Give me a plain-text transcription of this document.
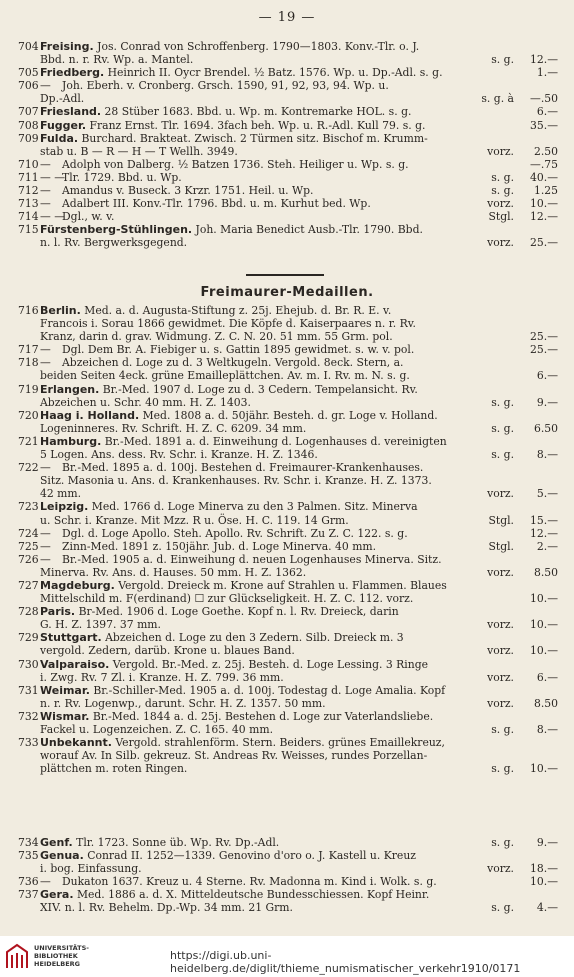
— 19 —
704Freising. Jos. Conrad von Schroffenberg. 1790—1803. Konv.-Tlr. o. J.
Bbd. n. r. Rv. Wp. a. Mantel.	s. g. 12.—
705Friedberg. Heinrich II. Oycr Brendel. ½ Batz. 1576. Wp. u. Dp.-Adl. s. g.	1.—
706— Joh. Eberh. v. Cronberg. Grsch. 1590, 91, 92, 93, 94. Wp. u.
Dp.-Adl.	s. g. à —.50
707Friesland. 28 Stüber 1683. Bbd. u. Wp. m. Kontremarke HOL. s. g.	6.—
708Fugger. Franz Ernst. Tlr. 1694. 3fach beh. Wp. u. R.-Adl. Kull 79. s. g.	35.—
709Fulda. Burchard. Brakteat. Zwisch. 2 Türmen sitz. Bischof m. Krumm-
stab u. B — R — H — T Wellh. 3949.	vorz. 2.50
710— Adolph von Dalberg. ½ Batzen 1736. Steh. Heiliger u. Wp. s. g.	—.75
711— —Tlr. 1729. Bbd. u. Wp.	s. g. 40.—
712— Amandus v. Buseck. 3 Krzr. 1751. Heil. u. Wp.	s. g. 1.25
713— Adalbert III. Konv.-Tlr. 1796. Bbd. u. m. Kurhut bed. Wp.	vorz. 10.—
714— —Dgl., w. v.	Stgl. 12.—
715Fürstenberg-Stühlingen. Joh. Maria Benedict Ausb.-Tlr. 1790. Bbd.
n. l. Rv. Bergwerksgegend.	vorz. 25.—
Freimaurer-Medaillen.
716Berlin. Med. a. d. Augusta-Stiftung z. 25j. Ehejub. d. Br. R. E. v.
Francois i. Sorau 1866 gewidmet. Die Köpfe d. Kaiserpaares n. r. Rv.
Kranz, darin d. grav. Widmung. Z. C. N. 20. 51 mm. 55 Grm. pol.	25.—
717— Dgl. Dem Br. A. Fiebiger u. s. Gattin 1895 gewidmet. s. w. v. pol.	25.—
718— Abzeichen d. Loge zu d. 3 Weltkugeln. Vergold. 8eck. Stern, a.
beiden Seiten 4eck. grüne Emailleplättchen. Av. m. I. Rv. m. N. s. g.	6.—
719Erlangen. Br.-Med. 1907 d. Loge zu d. 3 Cedern. Tempelansicht. Rv.
Abzeichen u. Schr. 40 mm. H. Z. 1403.	s. g. 9.—
720Haag i. Holland. Med. 1808 a. d. 50jähr. Besteh. d. gr. Loge v. Holland.
Logeninneres. Rv. Schrift. H. Z. C. 6209. 34 mm.	s. g. 6.50
721Hamburg. Br.-Med. 1891 a. d. Einweihung d. Logenhauses d. vereinigten
5 Logen. Ans. dess. Rv. Schr. i. Kranze. H. Z. 1346.	s. g. 8.—
722— Br.-Med. 1895 a. d. 100j. Bestehen d. Freimaurer-Krankenhauses.
Sitz. Masonia u. Ans. d. Krankenhauses. Rv. Schr. i. Kranze. H. Z. 1373.
42 mm.	vorz. 5.—
723Leipzig. Med. 1766 d. Loge Minerva zu den 3 Palmen. Sitz. Minerva
u. Schr. i. Kranze. Mit Mzz. R u. Öse. H. C. 119. 14 Grm.	Stgl. 15.—
724— Dgl. d. Loge Apollo. Steh. Apollo. Rv. Schrift. Zu Z. C. 122. s. g.	12.—
725— Zinn-Med. 1891 z. 150jähr. Jub. d. Loge Minerva. 40 mm.	Stgl. 2.—
726— Br.-Med. 1905 a. d. Einweihung d. neuen Logenhauses Minerva. Sitz.
Minerva. Rv. Ans. d. Hauses. 50 mm. H. Z. 1362.	vorz. 8.50
727Magdeburg. Vergold. Dreieck m. Krone auf Strahlen u. Flammen. Blaues
Mittelschild m. F(erdinand) ☐ zur Glückseligkeit. H. Z. C. 112. vorz.	10.—
728Paris. Br-Med. 1906 d. Loge Goethe. Kopf n. l. Rv. Dreieck, darin
G. H. Z. 1397. 37 mm.	vorz. 10.—
729Stuttgart. Abzeichen d. Loge zu den 3 Zedern. Silb. Dreieck m. 3
vergold. Zedern, darüb. Krone u. blaues Band.	vorz. 10.—
730Valparaiso. Vergold. Br.-Med. z. 25j. Besteh. d. Loge Lessing. 3 Ringe
i. Zwg. Rv. 7 Zl. i. Kranze. H. Z. 799. 36 mm.	vorz. 6.—
731Weimar. Br.-Schiller-Med. 1905 a. d. 100j. Todestag d. Loge Amalia. Kopf
n. r. Rv. Logenwp., darunt. Schr. H. Z. 1357. 50 mm.	vorz. 8.50
732Wismar. Br.-Med. 1844 a. d. 25j. Bestehen d. Loge zur Vaterlandsliebe.
Fackel u. Logenzeichen. Z. C. 165. 40 mm.	s. g. 8.—
733Unbekannt. Vergold. strahlenförm. Stern. Beiders. grünes Emaillekreuz,
worauf Av. In Silb. gekreuz. St. Andreas Rv. Weisses, rundes Porzellan-
plättchen m. roten Ringen.	s. g. 10.—
734Genf. Tlr. 1723. Sonne üb. Wp. Rv. Dp.-Adl.	s. g. 9.—
735Genua. Conrad II. 1252—1339. Genovino d'oro o. J. Kastell u. Kreuz
i. bog. Einfassung.	vorz. 18.—
736— Dukaton 1637. Kreuz u. 4 Sterne. Rv. Madonna m. Kind i. Wolk. s. g.	10.—
737Gera. Med. 1886 a. d. X. Mitteldeutsche Bundesschiessen. Kopf Heinr.
XIV. n. l. Rv. Behelm. Dp.-Wp. 34 mm. 21 Grm.	s. g. 4.—
UNIVERSITÄTS-
BIBLIOTHEK
HEIDELBERG
https://digi.ub.uni-heidelberg.de/diglit/thieme_numismatischer_verkehr1910/0171
